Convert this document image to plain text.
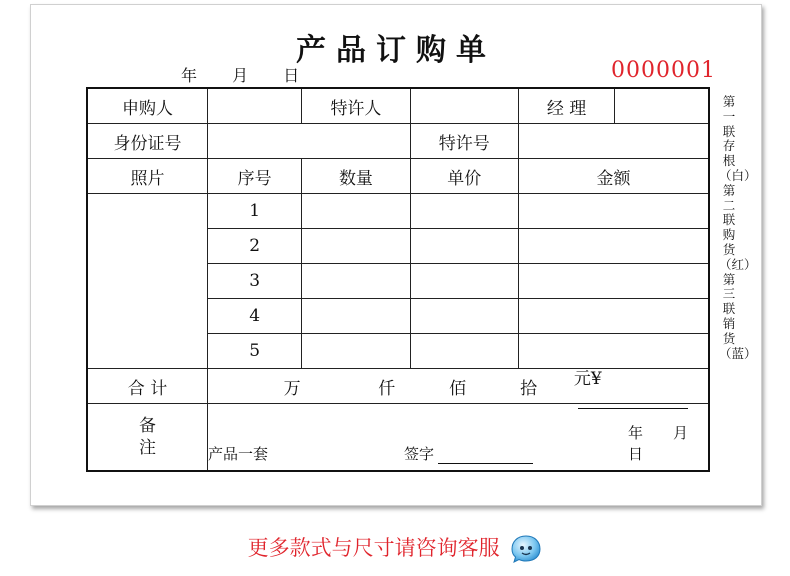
产品订购单
年 月 日	0000001
申购人		特许人		经 理	
身份证号			特许号		
照片	序号	数量	单价	金额	
	1				
	2				
	3				
	4				
	5				
合 计	万 仟 佰 拾 元¥				

备注	产品一套 签字
年　　月　　日				
第一联存根（白）第二联购货（红）第三联销货（蓝）
更多款式与尺寸请咨询客服
